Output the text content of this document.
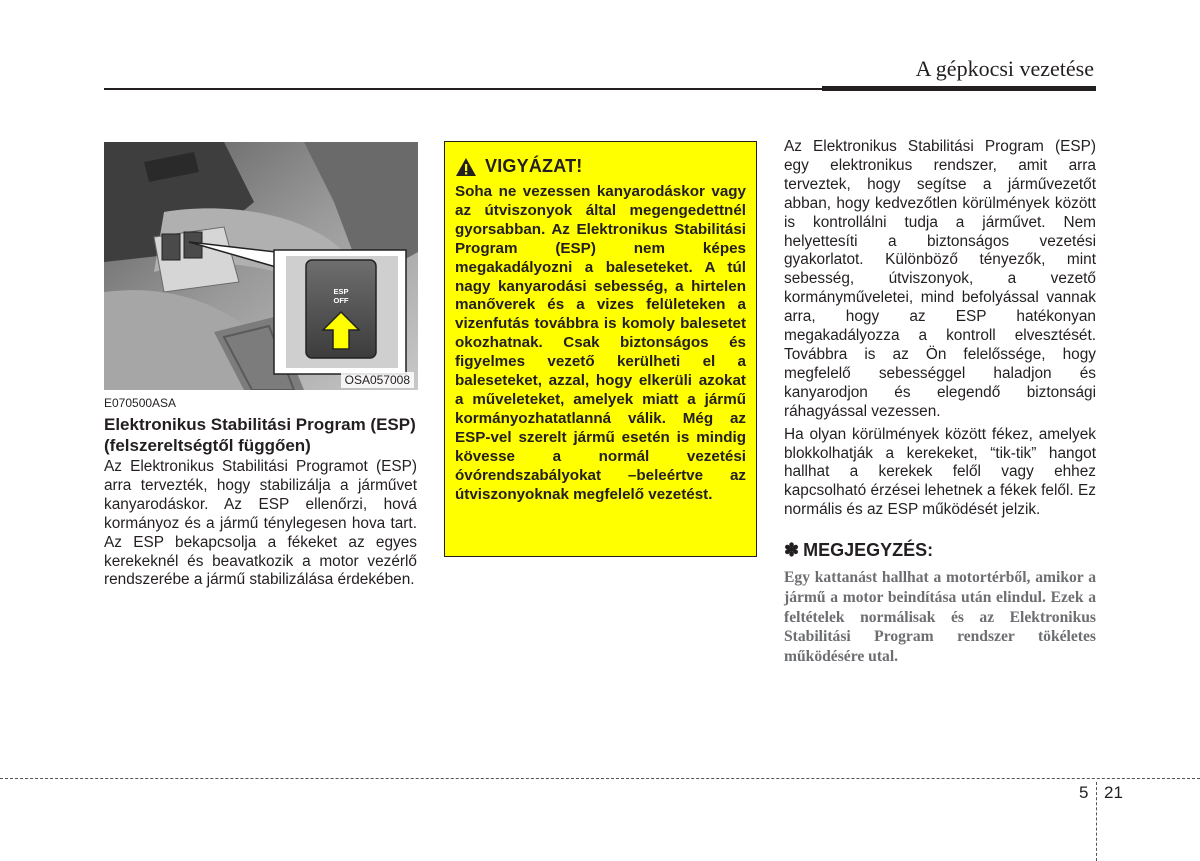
A gépkocsi vezetése
ESP
OFF
OSA057008
E070500ASA
Elektronikus Stabilitási Program (ESP) (felszereltségtől függően)
Az Elektronikus Stabilitási Programot (ESP) arra tervezték, hogy stabilizálja a járművet kanyarodáskor. Az ESP ellenőrzi, hová kormányoz és a jármű ténylegesen hova tart. Az ESP bekapcsolja a fékeket az egyes kerekeknél és beavatkozik a motor vezérlő rendszerébe a jármű stabilizálása érdekében.
VIGYÁZAT!
Soha ne vezessen kanyarodáskor vagy az útviszonyok által megengedettnél gyorsabban. Az Elektronikus Stabilitási Program (ESP) nem képes megakadályozni a baleseteket. A túl nagy kanyarodási sebesség, a hirtelen manőverek és a vizes felületeken a vizenfutás továbbra is komoly balesetet okozhatnak. Csak biztonságos és figyelmes vezető kerülheti el a baleseteket, azzal, hogy elkerüli azokat a műveleteket, amelyek miatt a jármű kormányozhatatlanná válik. Még az ESP-vel szerelt jármű esetén is mindig kövesse a normál vezetési óvórendszabályokat –beleértve az útviszonyoknak megfelelő vezetést.

Az Elektronikus Stabilitási Program (ESP) egy elektronikus rendszer, amit arra terveztek, hogy segítse a járművezetőt abban, hogy kedvezőtlen körülmények között is kontrollálni tudja a járművet. Nem helyettesíti a biztonságos vezetési gyakorlatot. Különböző tényezők, mint sebesség, útviszonyok, a vezető kormányműveletei, mind befolyással vannak arra, hogy az ESP hatékonyan megakadályozza a kontroll elvesztését. Továbbra is az Ön felelőssége, hogy megfelelő sebességgel haladjon és kanyarodjon és elegendő biztonsági ráhagyással vezessen.

Ha olyan körülmények között fékez, amelyek blokkolhatják a kerekeket, “tik-tik” hangot hallhat a kerekek felől vagy ehhez kapcsolható érzései lehetnek a fékek felől. Ez normális és az ESP működését jelzik.

✽ MEGJEGYZÉS:
Egy kattanást hallhat a motortérből, amikor a jármű a motor beindítása után elindul. Ezek a feltételek normálisak és az Elektronikus Stabilitási Program rendszer tökéletes működésére utal.
5 21
